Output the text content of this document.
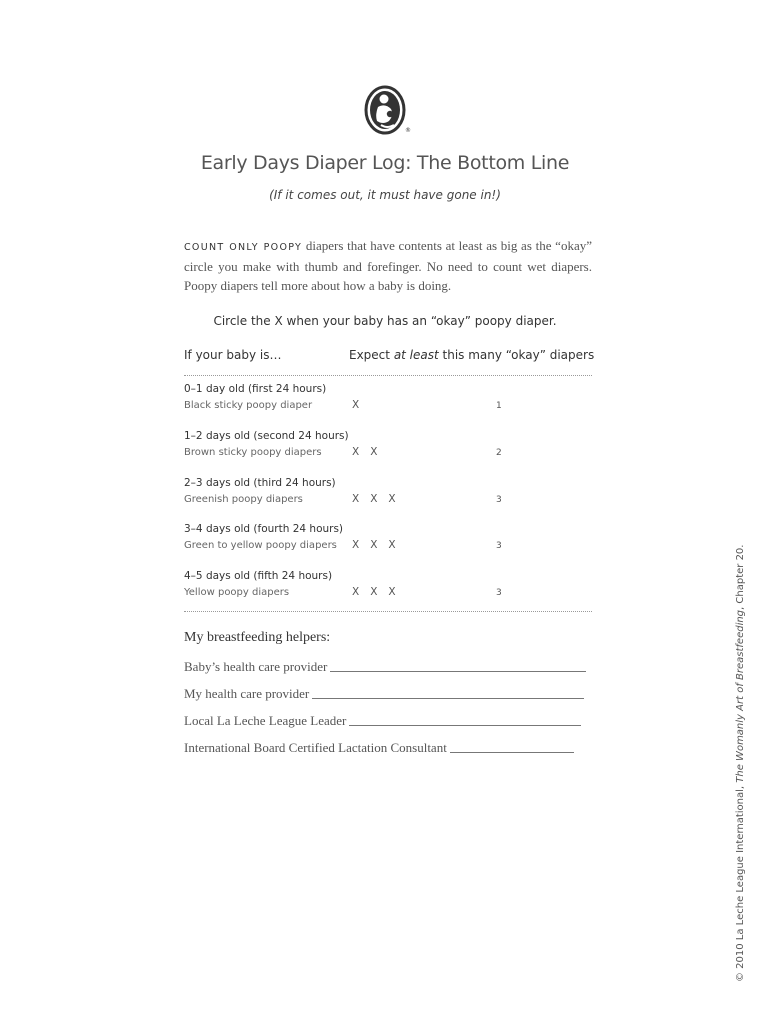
®
Early Days Diaper Log: The Bottom Line
(If it comes out, it must have gone in!)
COUNT ONLY POOPY diapers that have contents at least as big as the “okay” circle you make with thumb and forefinger. No need to count wet diapers. Poopy diapers tell more about how a baby is doing.
Circle the X when your baby has an “okay” poopy diaper.
If your baby is…	Expect at least this many “okay” diapers
0–1 day old (first 24 hours)
Black sticky poopy diaper	X	1
1–2 days old (second 24 hours)
Brown sticky poopy diapers	X X	2
2–3 days old (third 24 hours)
Greenish poopy diapers	X X X	3
3–4 days old (fourth 24 hours)
Green to yellow poopy diapers X X X	3
4–5 days old (fifth 24 hours)
Yellow poopy diapers	X X X	3
My breastfeeding helpers:
Baby’s health care provider
My health care provider
Local La Leche League Leader
International Board Certified Lactation Consultant
© 2010 La Leche League International, The Womanly Art of Breastfeeding, Chapter 20.
